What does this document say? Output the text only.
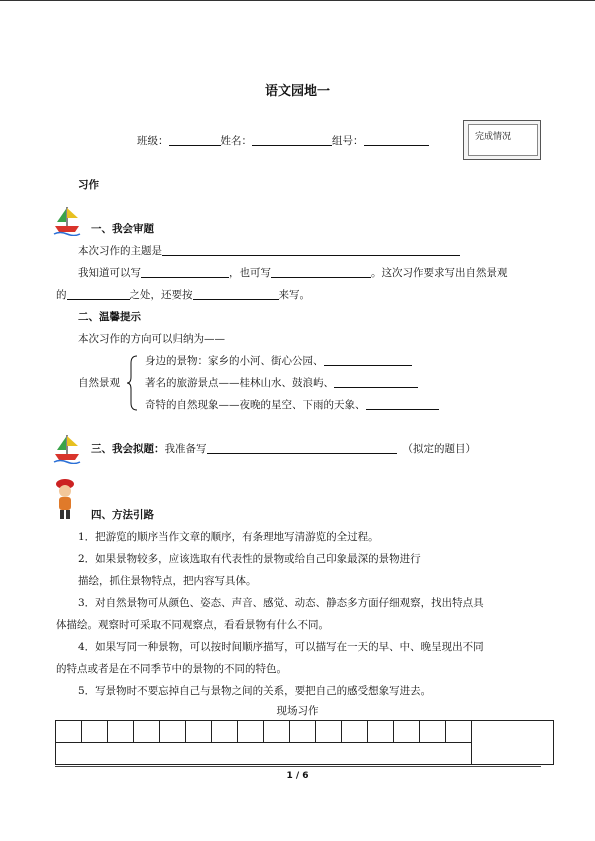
语文园地一
班级：	姓名：	组号：	完成情况
习作
一、我会审题
本次习作的主题是
我知道可以写	，也可写	。这次习作要求写出自然景观
的	之处，还要按	来写。
二、温馨提示
本次习作的方向可以归纳为——
自然景观
身边的景物：家乡的小河、街心公园、
著名的旅游景点——桂林山水、鼓浪屿、
奇特的自然现象——夜晚的星空、下雨的天象、
三、我会拟题：我准备写	（拟定的题目）
四、方法引路
1．把游览的顺序当作文章的顺序，有条理地写清游览的全过程。
2．如果景物较多，应该选取有代表性的景物或给自己印象最深的景物进行
描绘，抓住景物特点，把内容写具体。
3．对自然景物可从颜色、姿态、声音、感觉、动态、静态多方面仔细观察，找出特点具
体描绘。观察时可采取不同观察点，看看景物有什么不同。
4．如果写同一种景物，可以按时间顺序描写，可以描写在一天的早、中、晚呈现出不同
的特点或者是在不同季节中的景物的不同的特色。
5．写景物时不要忘掉自己与景物之间的关系，要把自己的感受想象写进去。
现场习作

1 / 6
